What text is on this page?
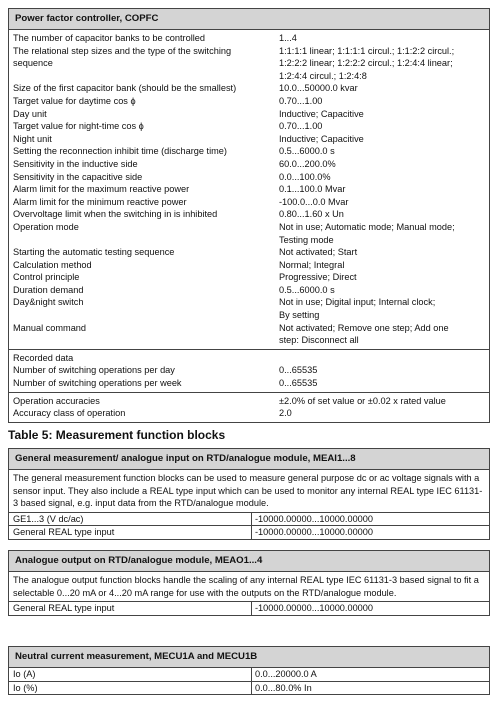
Power factor controller, COPFC
The number of capacitor banks to be controlled	1...4
The relational step sizes and the type of the switching	1:1:1:1 linear; 1:1:1:1 circul.; 1:1:2:2 circul.;
sequence	1:2:2:2 linear; 1:2:2:2 circul.; 1:2:4:4 linear;
1:2:4:4 circul.; 1:2:4:8
Size of the first capacitor bank (should be the smallest)	10.0...50000.0 kvar
Target value for daytime cos ϕ	0.70...1.00
Day unit	Inductive; Capacitive
Target value for night-time cos ϕ	0.70...1.00
Night unit	Inductive; Capacitive
Setting the reconnection inhibit time (discharge time)	0.5...6000.0 s
Sensitivity in the inductive side	60.0...200.0%
Sensitivity in the capacitive side	0.0...100.0%
Alarm limit for the maximum reactive power	0.1...100.0 Mvar
Alarm limit for the minimum reactive power	-100.0...0.0 Mvar
Overvoltage limit when the switching in is inhibited	0.80...1.60 x Un
Operation mode	Not in use; Automatic mode; Manual mode;
Testing mode
Starting the automatic testing sequence	Not activated; Start
Calculation method	Normal; Integral
Control principle	Progressive; Direct
Duration demand	0.5...6000.0 s
Day&night switch	Not in use; Digital input; Internal clock;
By setting
Manual command	Not activated; Remove one step; Add one
step: Disconnect all
Recorded data
Number of switching operations per day	0...65535
Number of switching operations per week	0...65535
Operation accuracies	±2.0% of set value or ±0.02 x rated value
Accuracy class of operation	2.0
Table 5: Measurement function blocks
General measurement/ analogue input on RTD/analogue module, MEAI1...8
The general measurement function blocks can be used to measure general purpose dc or ac voltage signals with a sensor input. They also include a REAL type input which can be used to monitor any internal REAL type IEC 61131-3 based signal, e.g. input data from the RTD/analogue module.
GE1...3 (V dc/ac)	-10000.00000...10000.00000
General REAL type input	-10000.00000...10000.00000
Analogue output on RTD/analogue module, MEAO1...4
The analogue output function blocks handle the scaling of any internal REAL type IEC 61131-3 based signal to fit a selectable 0...20 mA or 4...20 mA range for use with the outputs on the RTD/analogue module.
General REAL type input	-10000.00000...10000.00000
Neutral current measurement, MECU1A and MECU1B
Io (A)	0.0...20000.0 A
Io (%)	0.0...80.0% In
